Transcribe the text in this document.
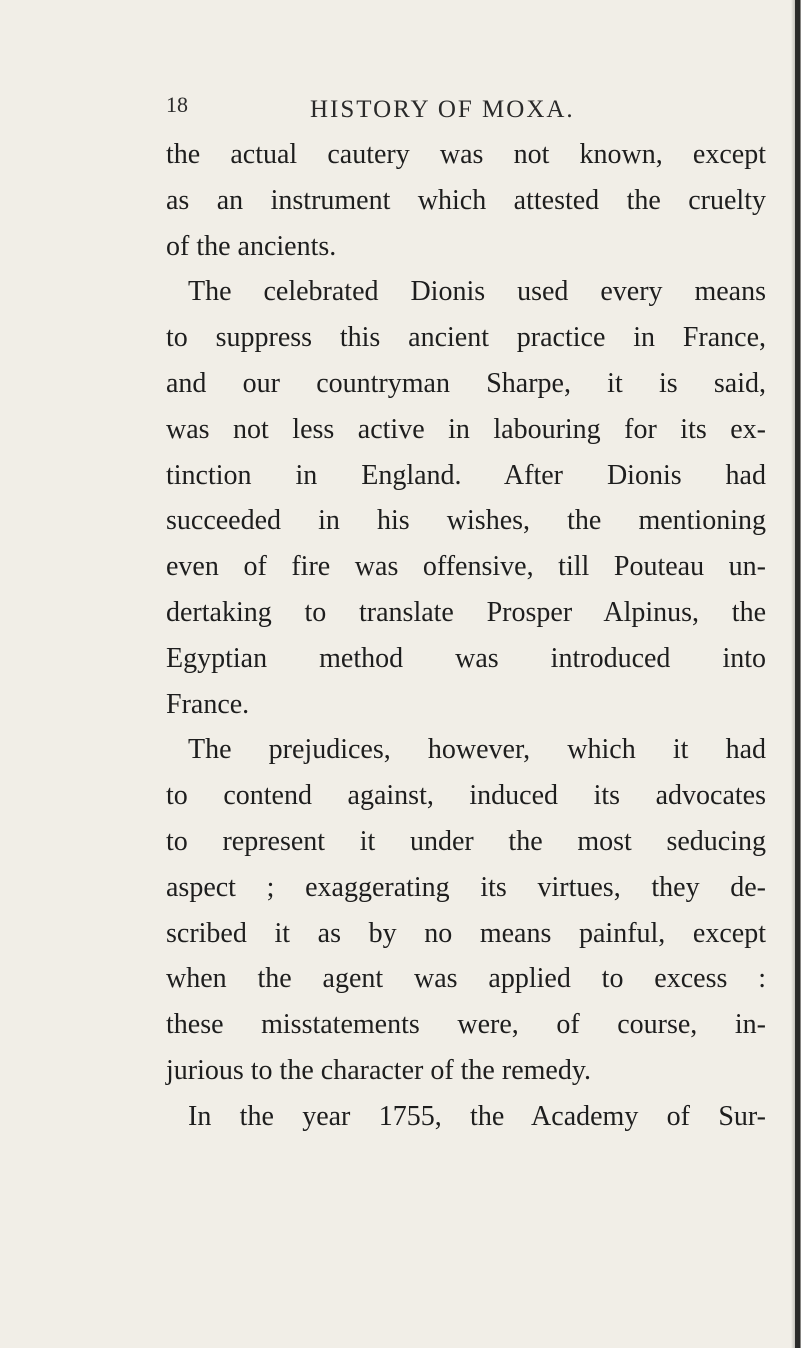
18	HISTORY OF MOXA.
the actual cautery was not known, except
as an instrument which attested the cruelty
of the ancients.
The celebrated Dionis used every means
to suppress this ancient practice in France,
and our countryman Sharpe, it is said,
was not less active in labouring for its ex-
tinction in England. After Dionis had
succeeded in his wishes, the mentioning
even of fire was offensive, till Pouteau un-
dertaking to translate Prosper Alpinus, the
Egyptian method was introduced into
France.
The prejudices, however, which it had
to contend against, induced its advocates
to represent it under the most seducing
aspect ; exaggerating its virtues, they de-
scribed it as by no means painful, except
when the agent was applied to excess :
these misstatements were, of course, in-
jurious to the character of the remedy.
In the year 1755, the Academy of Sur-
